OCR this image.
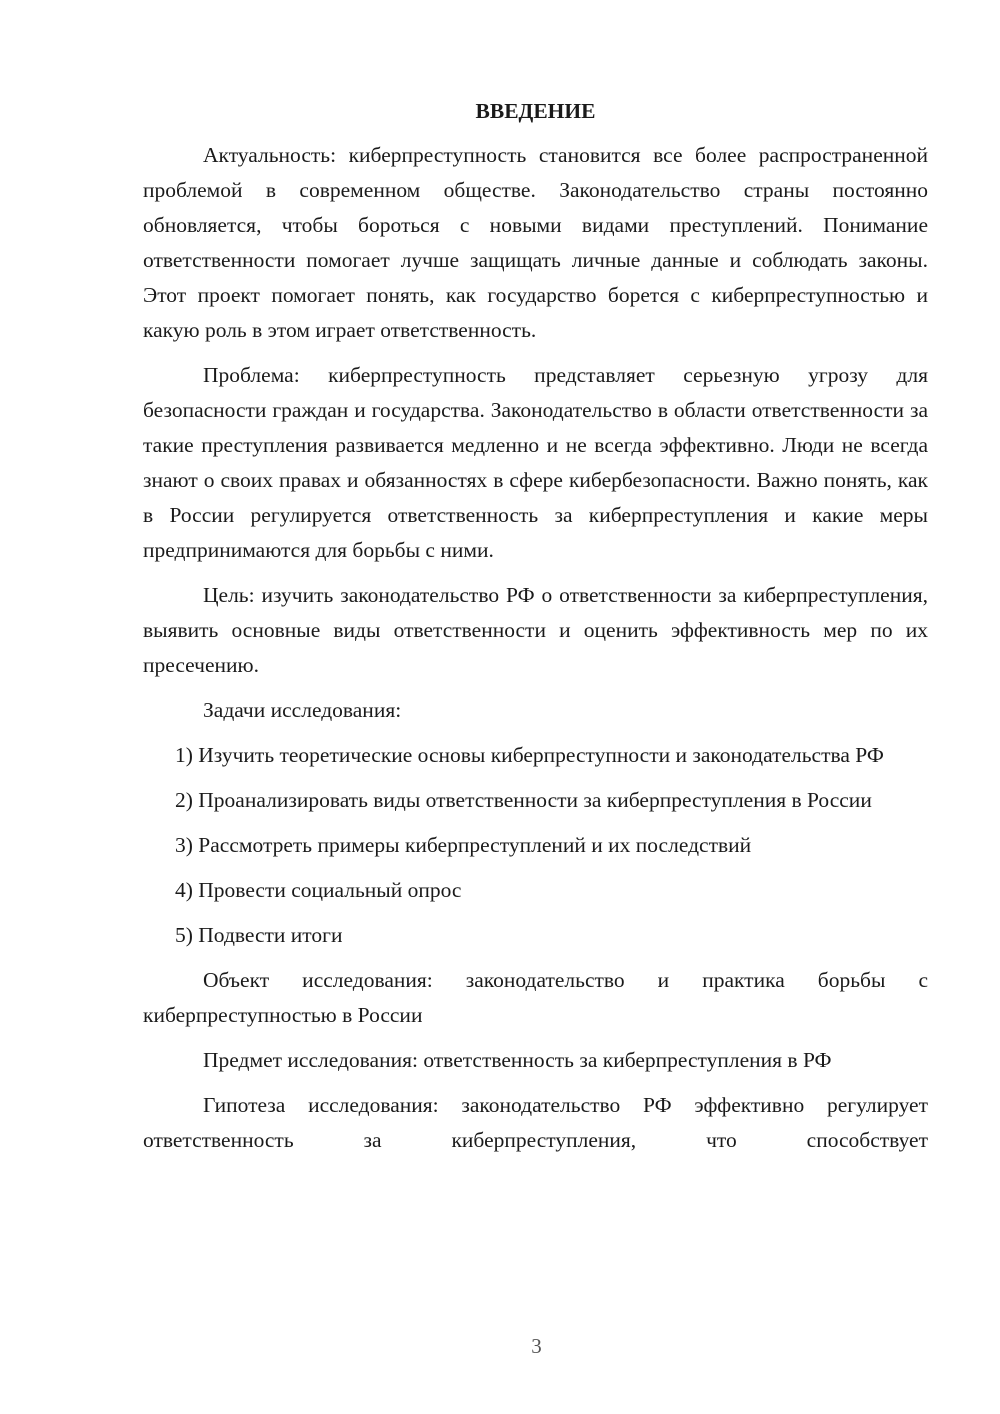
ВВЕДЕНИЕ

Актуальность: киберпреступность становится все более распространенной проблемой в современном обществе. Законодательство страны постоянно обновляется, чтобы бороться с новыми видами преступлений. Понимание ответственности помогает лучше защищать личные данные и соблюдать законы. Этот проект помогает понять, как государство борется с киберпреступностью и какую роль в этом играет ответственность.

Проблема: киберпреступность представляет серьезную угрозу для безопасности граждан и государства. Законодательство в области ответственности за такие преступления развивается медленно и не всегда эффективно. Люди не всегда знают о своих правах и обязанностях в сфере кибербезопасности. Важно понять, как в России регулируется ответственность за киберпреступления и какие меры предпринимаются для борьбы с ними.

Цель: изучить законодательство РФ о ответственности за киберпреступления, выявить основные виды ответственности и оценить эффективность мер по их пресечению.

Задачи исследования:

1) Изучить теоретические основы киберпреступности и законодательства РФ

2) Проанализировать виды ответственности за киберпреступления в России

3) Рассмотреть примеры киберпреступлений и их последствий

4) Провести социальный опрос

5) Подвести итоги

Объект исследования: законодательство и практика борьбы с киберпреступностью в России

Предмет исследования: ответственность за киберпреступления в РФ

Гипотеза исследования: законодательство РФ эффективно регулирует ответственность за киберпреступления, что способствует

3
